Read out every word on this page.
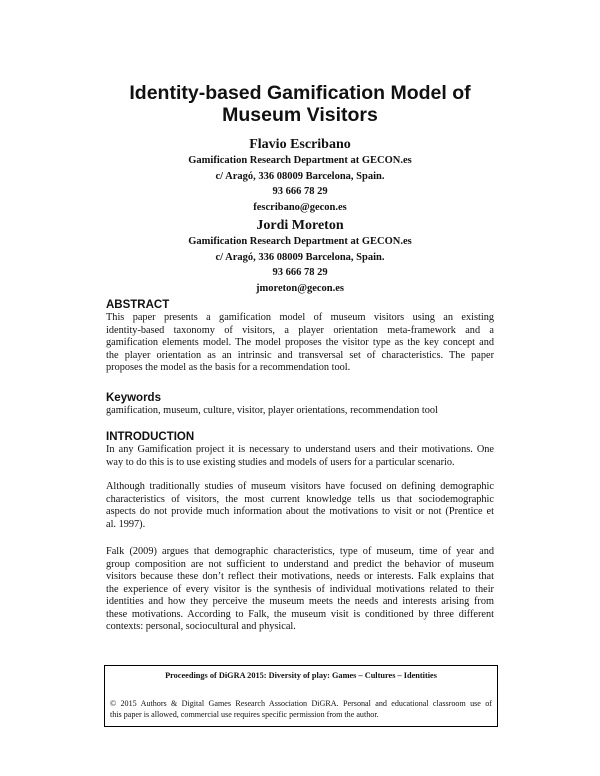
Identity-based Gamification Model of
Museum Visitors
Flavio Escribano
Gamification Research Department at GECON.es
c/ Aragó, 336 08009 Barcelona, Spain.
93 666 78 29
fescribano@gecon.es
Jordi Moreton
Gamification Research Department at GECON.es
c/ Aragó, 336 08009 Barcelona, Spain.
93 666 78 29
jmoreton@gecon.es
ABSTRACT
This paper presents a gamification model of museum visitors using an existing
identity-based taxonomy of visitors, a player orientation meta-framework and a
gamification elements model. The model proposes the visitor type as the key concept and
the player orientation as an intrinsic and transversal set of characteristics. The paper
proposes the model as the basis for a recommendation tool.
Keywords
gamification, museum, culture, visitor, player orientations, recommendation tool
INTRODUCTION
In any Gamification project it is necessary to understand users and their motivations. One
way to do this is to use existing studies and models of users for a particular scenario.
Although traditionally studies of museum visitors have focused on defining demographic
characteristics of visitors, the most current knowledge tells us that sociodemographic
aspects do not provide much information about the motivations to visit or not (Prentice et
al. 1997).
Falk (2009) argues that demographic characteristics, type of museum, time of year and
group composition are not sufficient to understand and predict the behavior of museum
visitors because these don’t reflect their motivations, needs or interests. Falk explains that
the experience of every visitor is the synthesis of individual motivations related to their
identities and how they perceive the museum meets the needs and interests arising from
these motivations. According to Falk, the museum visit is conditioned by three different
contexts: personal, sociocultural and physical.
Proceedings of DiGRA 2015: Diversity of play: Games – Cultures – Identities
© 2015 Authors & Digital Games Research Association DiGRA. Personal and educational classroom use of
this paper is allowed, commercial use requires specific permission from the author.
